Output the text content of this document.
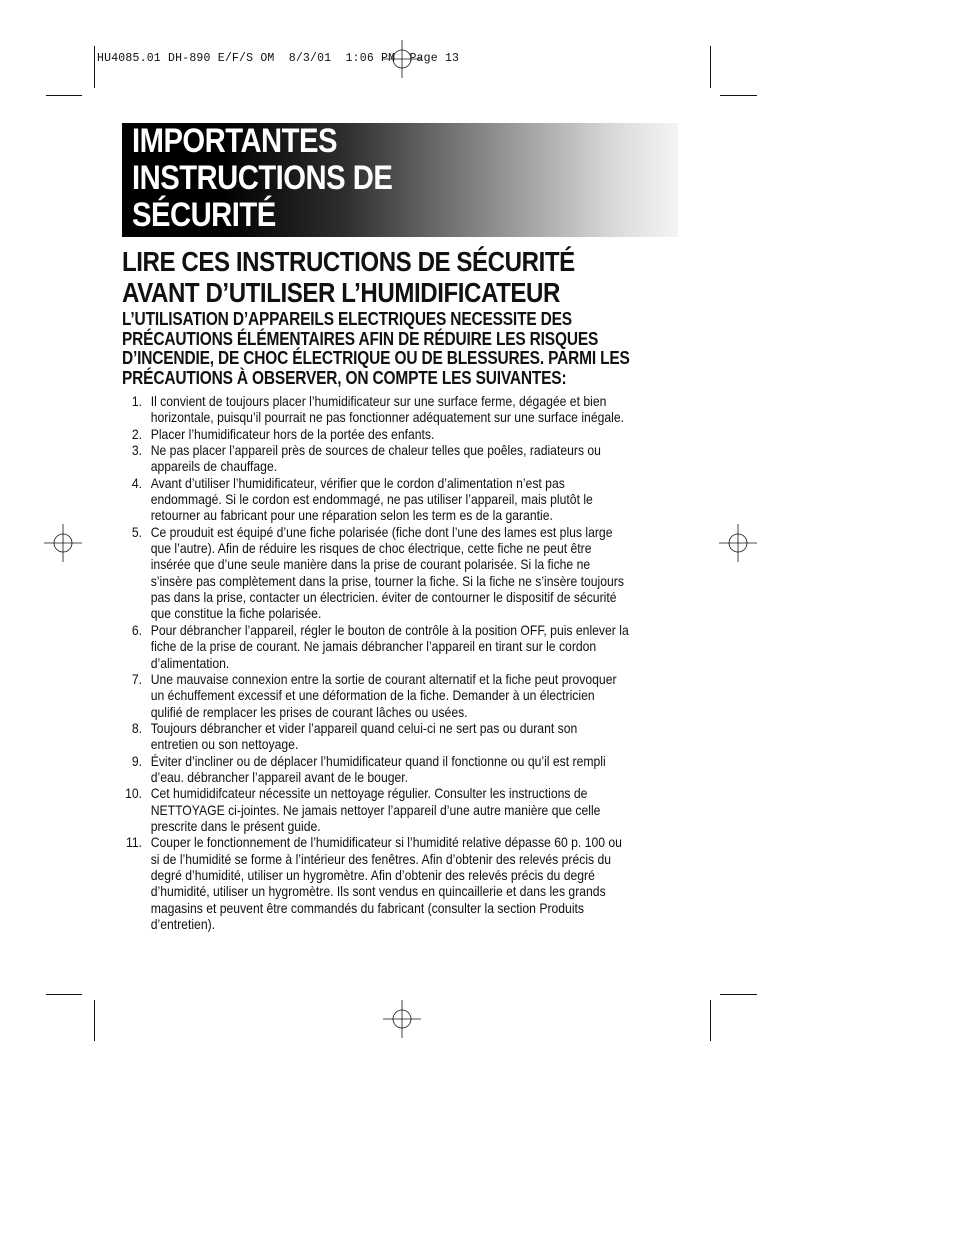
HU4085.01 DH-890 E/F/S OM  8/3/01  1:06 PM  Page 13
IMPORTANTES
INSTRUCTIONS DE
SÉCURITÉ
LIRE CES INSTRUCTIONS DE SÉCURITÉ
AVANT D’UTILISER L’HUMIDIFICATEUR

L’UTILISATION D’APPAREILS ELECTRIQUES NECESSITE DES
PRÉCAUTIONS ÉLÉMENTAIRES AFIN DE RÉDUIRE LES RISQUES
D’INCENDIE, DE CHOC ÉLECTRIQUE OU DE BLESSURES. PARMI LES
PRÉCAUTIONS À OBSERVER, ON COMPTE LES SUIVANTES:

1. Il convient de toujours placer l’humidificateur sur une surface ferme, dégagée et bien
horizontale, puisqu’il pourrait ne pas fonctionner adéquatement sur une surface inégale.
2. Placer l’humidificateur hors de la portée des enfants.
3. Ne pas placer l’appareil près de sources de chaleur telles que poêles, radiateurs ou
appareils de chauffage.
4. Avant d’utiliser l’humidificateur, vérifier que le cordon d’alimentation n’est pas
endommagé. Si le cordon est endommagé, ne pas utiliser l’appareil, mais plutôt le
retourner au fabricant pour une réparation selon les term es de la garantie.
5. Ce prouduit est équipé d’une fiche polarisée (fiche dont l’une des lames est plus large
que l’autre). Afin de réduire les risques de choc électrique, cette fiche ne peut être
insérée que d’une seule manière dans la prise de courant polarisée. Si la fiche ne
s’insère pas complètement dans la prise, tourner la fiche. Si la fiche ne s’insère toujours
pas dans la prise, contacter un électricien. éviter de contourner le dispositif de sécurité
que constitue la fiche polarisée.
6. Pour débrancher l’appareil, régler le bouton de contrôle à la position OFF, puis enlever la
fiche de la prise de courant. Ne jamais débrancher l’appareil en tirant sur le cordon
d’alimentation.
7. Une mauvaise connexion entre la sortie de courant alternatif et la fiche peut provoquer
un échuffement excessif et une déformation de la fiche. Demander à un électricien
qulifié de remplacer les prises de courant lâches ou usées.
8. Toujours débrancher et vider l’appareil quand celui-ci ne sert pas ou durant son
entretien ou son nettoyage.
9. Éviter d’incliner ou de déplacer l’humidificateur quand il fonctionne ou qu’il est rempli
d’eau. débrancher l’appareil avant de le bouger.
10. Cet humididifcateur nécessite un nettoyage régulier. Consulter les instructions de
NETTOYAGE ci-jointes. Ne jamais nettoyer l’appareil d’une autre manière que celle
prescrite dans le présent guide.
11. Couper le fonctionnement de l’humidificateur si l’humidité relative dépasse 60 p. 100 ou
si de l’humidité se forme à l’intérieur des fenêtres. Afin d’obtenir des relevés précis du
degré d’humidité, utiliser un hygromètre. Afin d’obtenir des relevés précis du degré
d’humidité, utiliser un hygromètre. Ils sont vendus en quincaillerie et dans les grands
magasins et peuvent être commandés du fabricant (consulter la section Produits
d’entretien).
